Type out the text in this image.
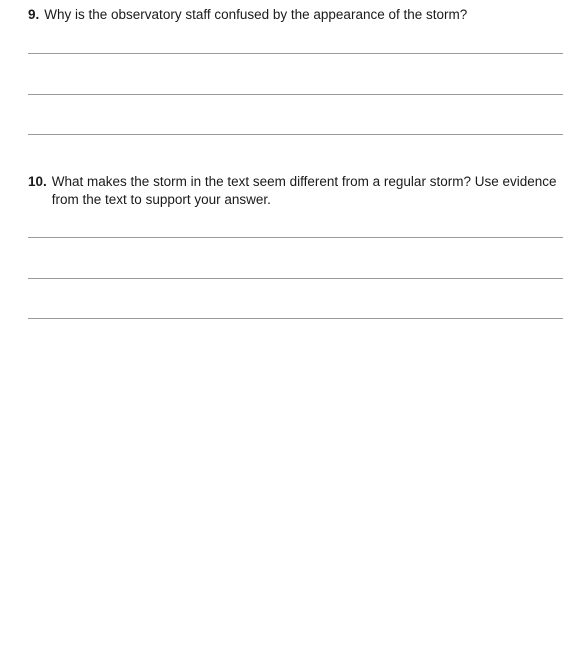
9. Why is the observatory staff confused by the appearance of the storm?
10. What makes the storm in the text seem different from a regular storm? Use evidence from the text to support your answer.
